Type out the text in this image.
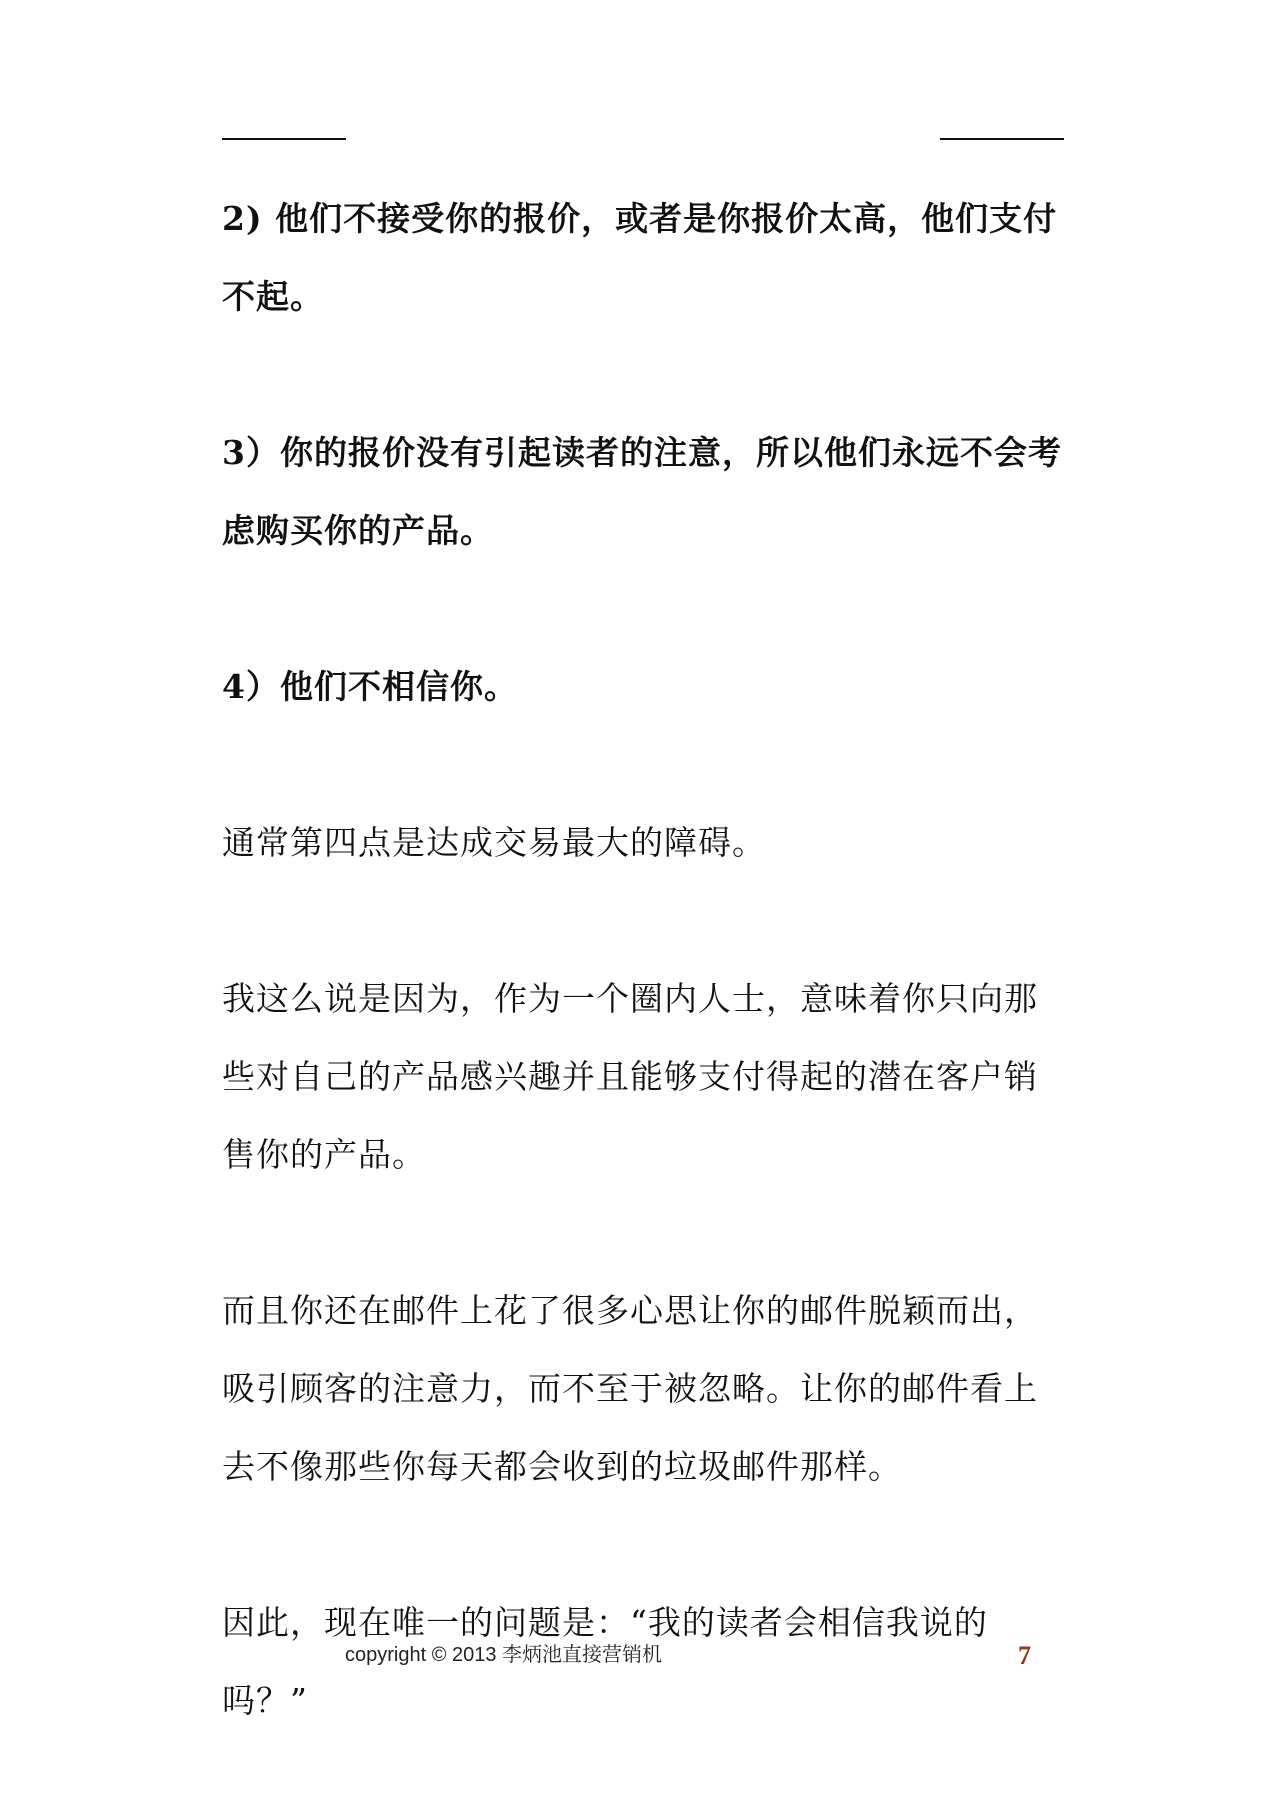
2) 他们不接受你的报价，或者是你报价太高，他们支付不起。

3）你的报价没有引起读者的注意，所以他们永远不会考虑购买你的产品。

4）他们不相信你。

通常第四点是达成交易最大的障碍。

我这么说是因为，作为一个圈内人士，意味着你只向那些对自己的产品感兴趣并且能够支付得起的潜在客户销售你的产品。

而且你还在邮件上花了很多心思让你的邮件脱颖而出，吸引顾客的注意力，而不至于被忽略。让你的邮件看上去不像那些你每天都会收到的垃圾邮件那样。

因此，现在唯一的问题是：“我的读者会相信我说的吗？”

copyright © 2013 李炳池直接营销机	7
